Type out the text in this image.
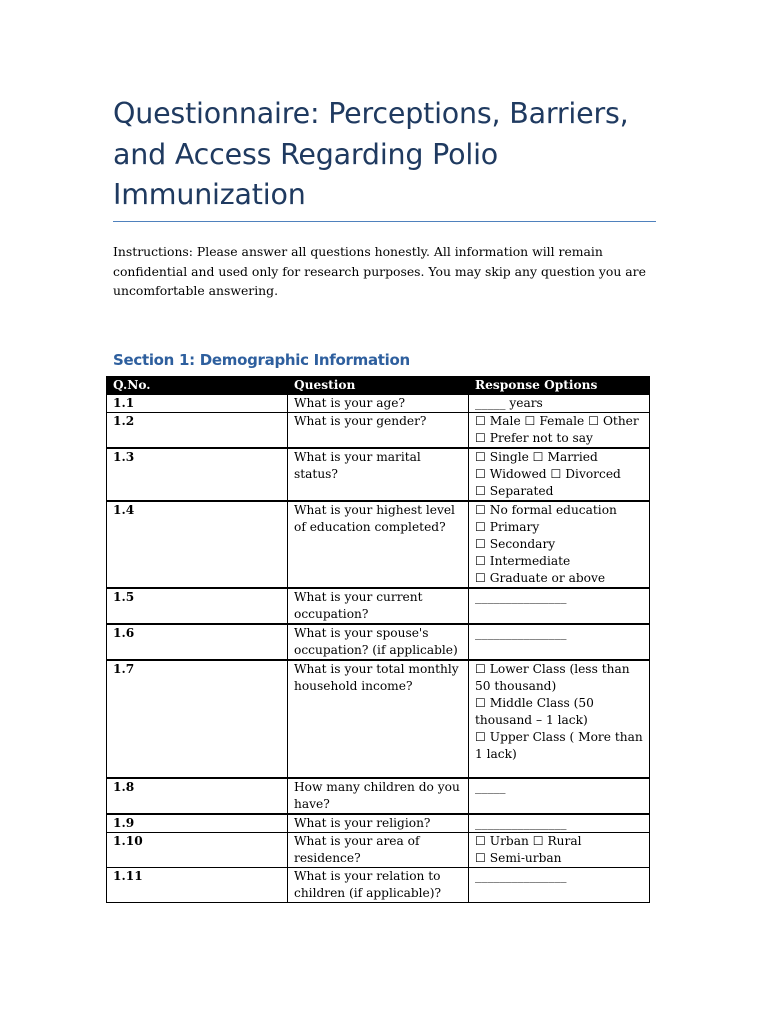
Questionnaire: Perceptions, Barriers, and Access Regarding Polio Immunization

Instructions: Please answer all questions honestly. All information will remain confidential and used only for research purposes. You may skip any question you are uncomfortable answering.

Section 1: Demographic Information
Q.No.	Question	Response Options
1.1	What is your age?	_____ years

1.2	What is your gender?	☐ Male ☐ Female ☐ Other
☐ Prefer not to say

1.3	What is your marital status?	☐ Single ☐ Married
☐ Widowed ☐ Divorced
☐ Separated

1.4	What is your highest level of education completed?	☐ No formal education
☐ Primary
☐ Secondary
☐ Intermediate
☐ Graduate or above

1.5	What is your current occupation?	_______________

1.6	What is your spouse's occupation? (if applicable)	_______________

1.7	What is your total monthly household income?	☐ Lower Class (less than 50 thousand)
☐ Middle Class (50 thousand – 1 lack)
☐ Upper Class ( More than 1 lack)

1.8	How many children do you have?	_____

1.9	What is your religion?	_______________

1.10	What is your area of residence?	☐ Urban ☐ Rural
☐ Semi-urban

1.11	What is your relation to children (if applicable)?	_______________
